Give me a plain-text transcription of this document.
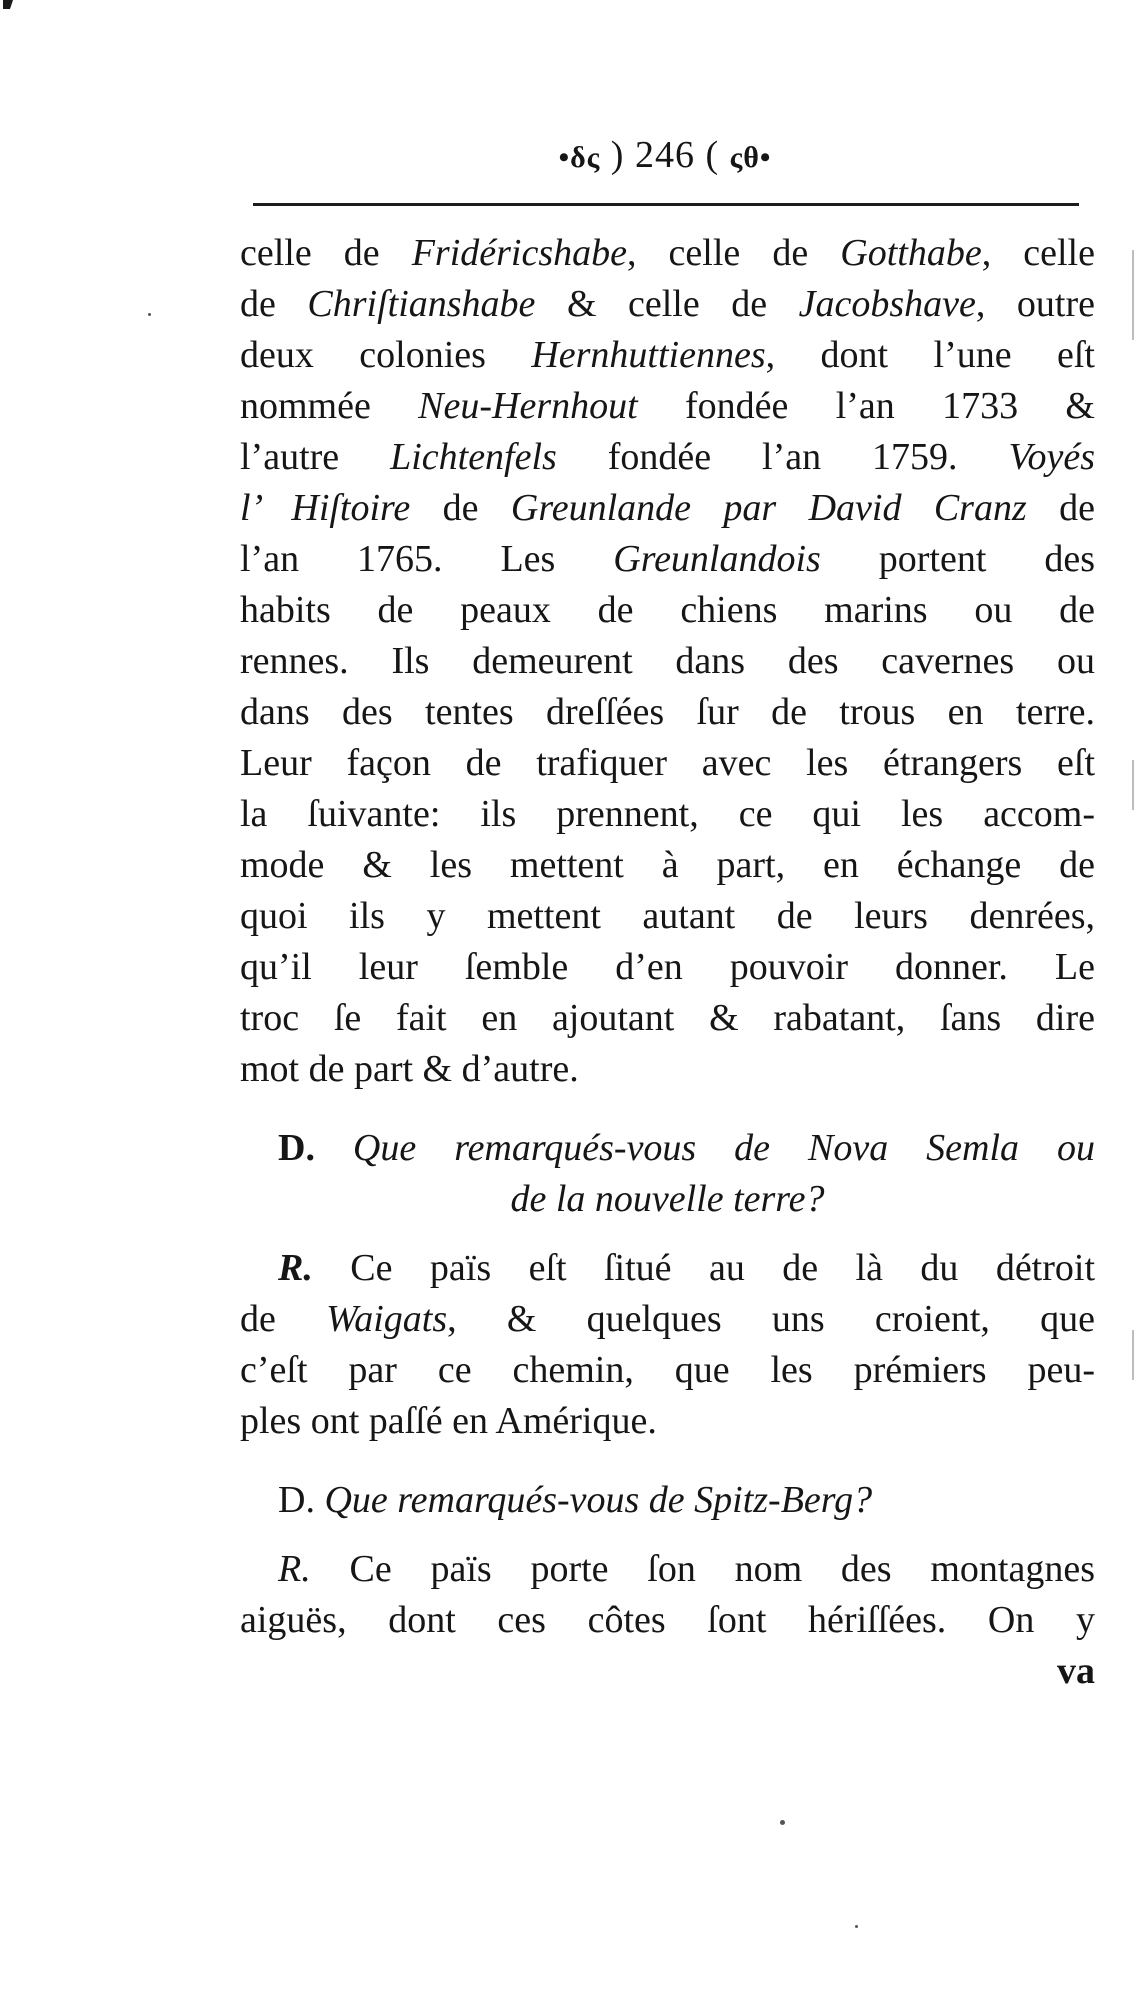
•δς ) 246 ( ςθ•
celle de Fridéricshabe, celle de Gotthabe, celle
de Chriſtianshabe & celle de Jacobshave, outre
deux colonies Hernhuttiennes, dont l’une eſt
nommée Neu-Hernhout fondée l’an 1733 &
l’autre Lichtenfels fondée l’an 1759. Voyés
l’ Hiſtoire de Greunlande par David Cranz de
l’an 1765. Les Greunlandois portent des
habits de peaux de chiens marins ou de
rennes. Ils demeurent dans des cavernes ou
dans des tentes dreſſées ſur de trous en terre.
Leur façon de trafiquer avec les étrangers eſt
la ſuivante: ils prennent, ce qui les accom-
mode & les mettent à part, en échange de
quoi ils y mettent autant de leurs denrées,
qu’il leur ſemble d’en pouvoir donner. Le
troc ſe fait en ajoutant & rabatant, ſans dire
mot de part & d’autre.
D. Que remarqués-vous de Nova Semla ou
de la nouvelle terre?
R. Ce païs eſt ſitué au de là du détroit
de Waigats, & quelques uns croient, que
c’eſt par ce chemin, que les prémiers peu-
ples ont paſſé en Amérique.
D. Que remarqués-vous de Spitz-Berg?
R. Ce païs porte ſon nom des montagnes
aiguës, dont ces côtes ſont hériſſées. On y
va
